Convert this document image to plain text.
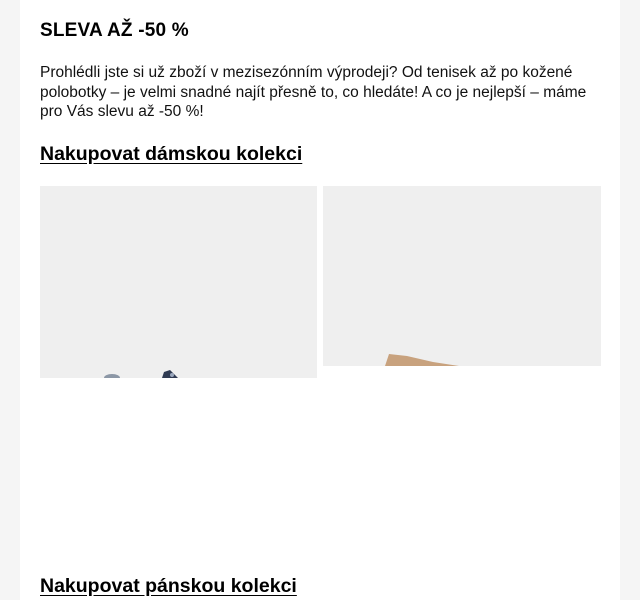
SLEVA AŽ -50 %

Prohlédli jste si už zboží v mezisezónním výprodeji? Od tenisek až po kožené polobotky – je velmi snadné najít přesně to, co hledáte! A co je nejlepší – máme pro Vás slevu až -50 %!

Nakupovat dámskou kolekci
Nakupovat pánskou kolekci
